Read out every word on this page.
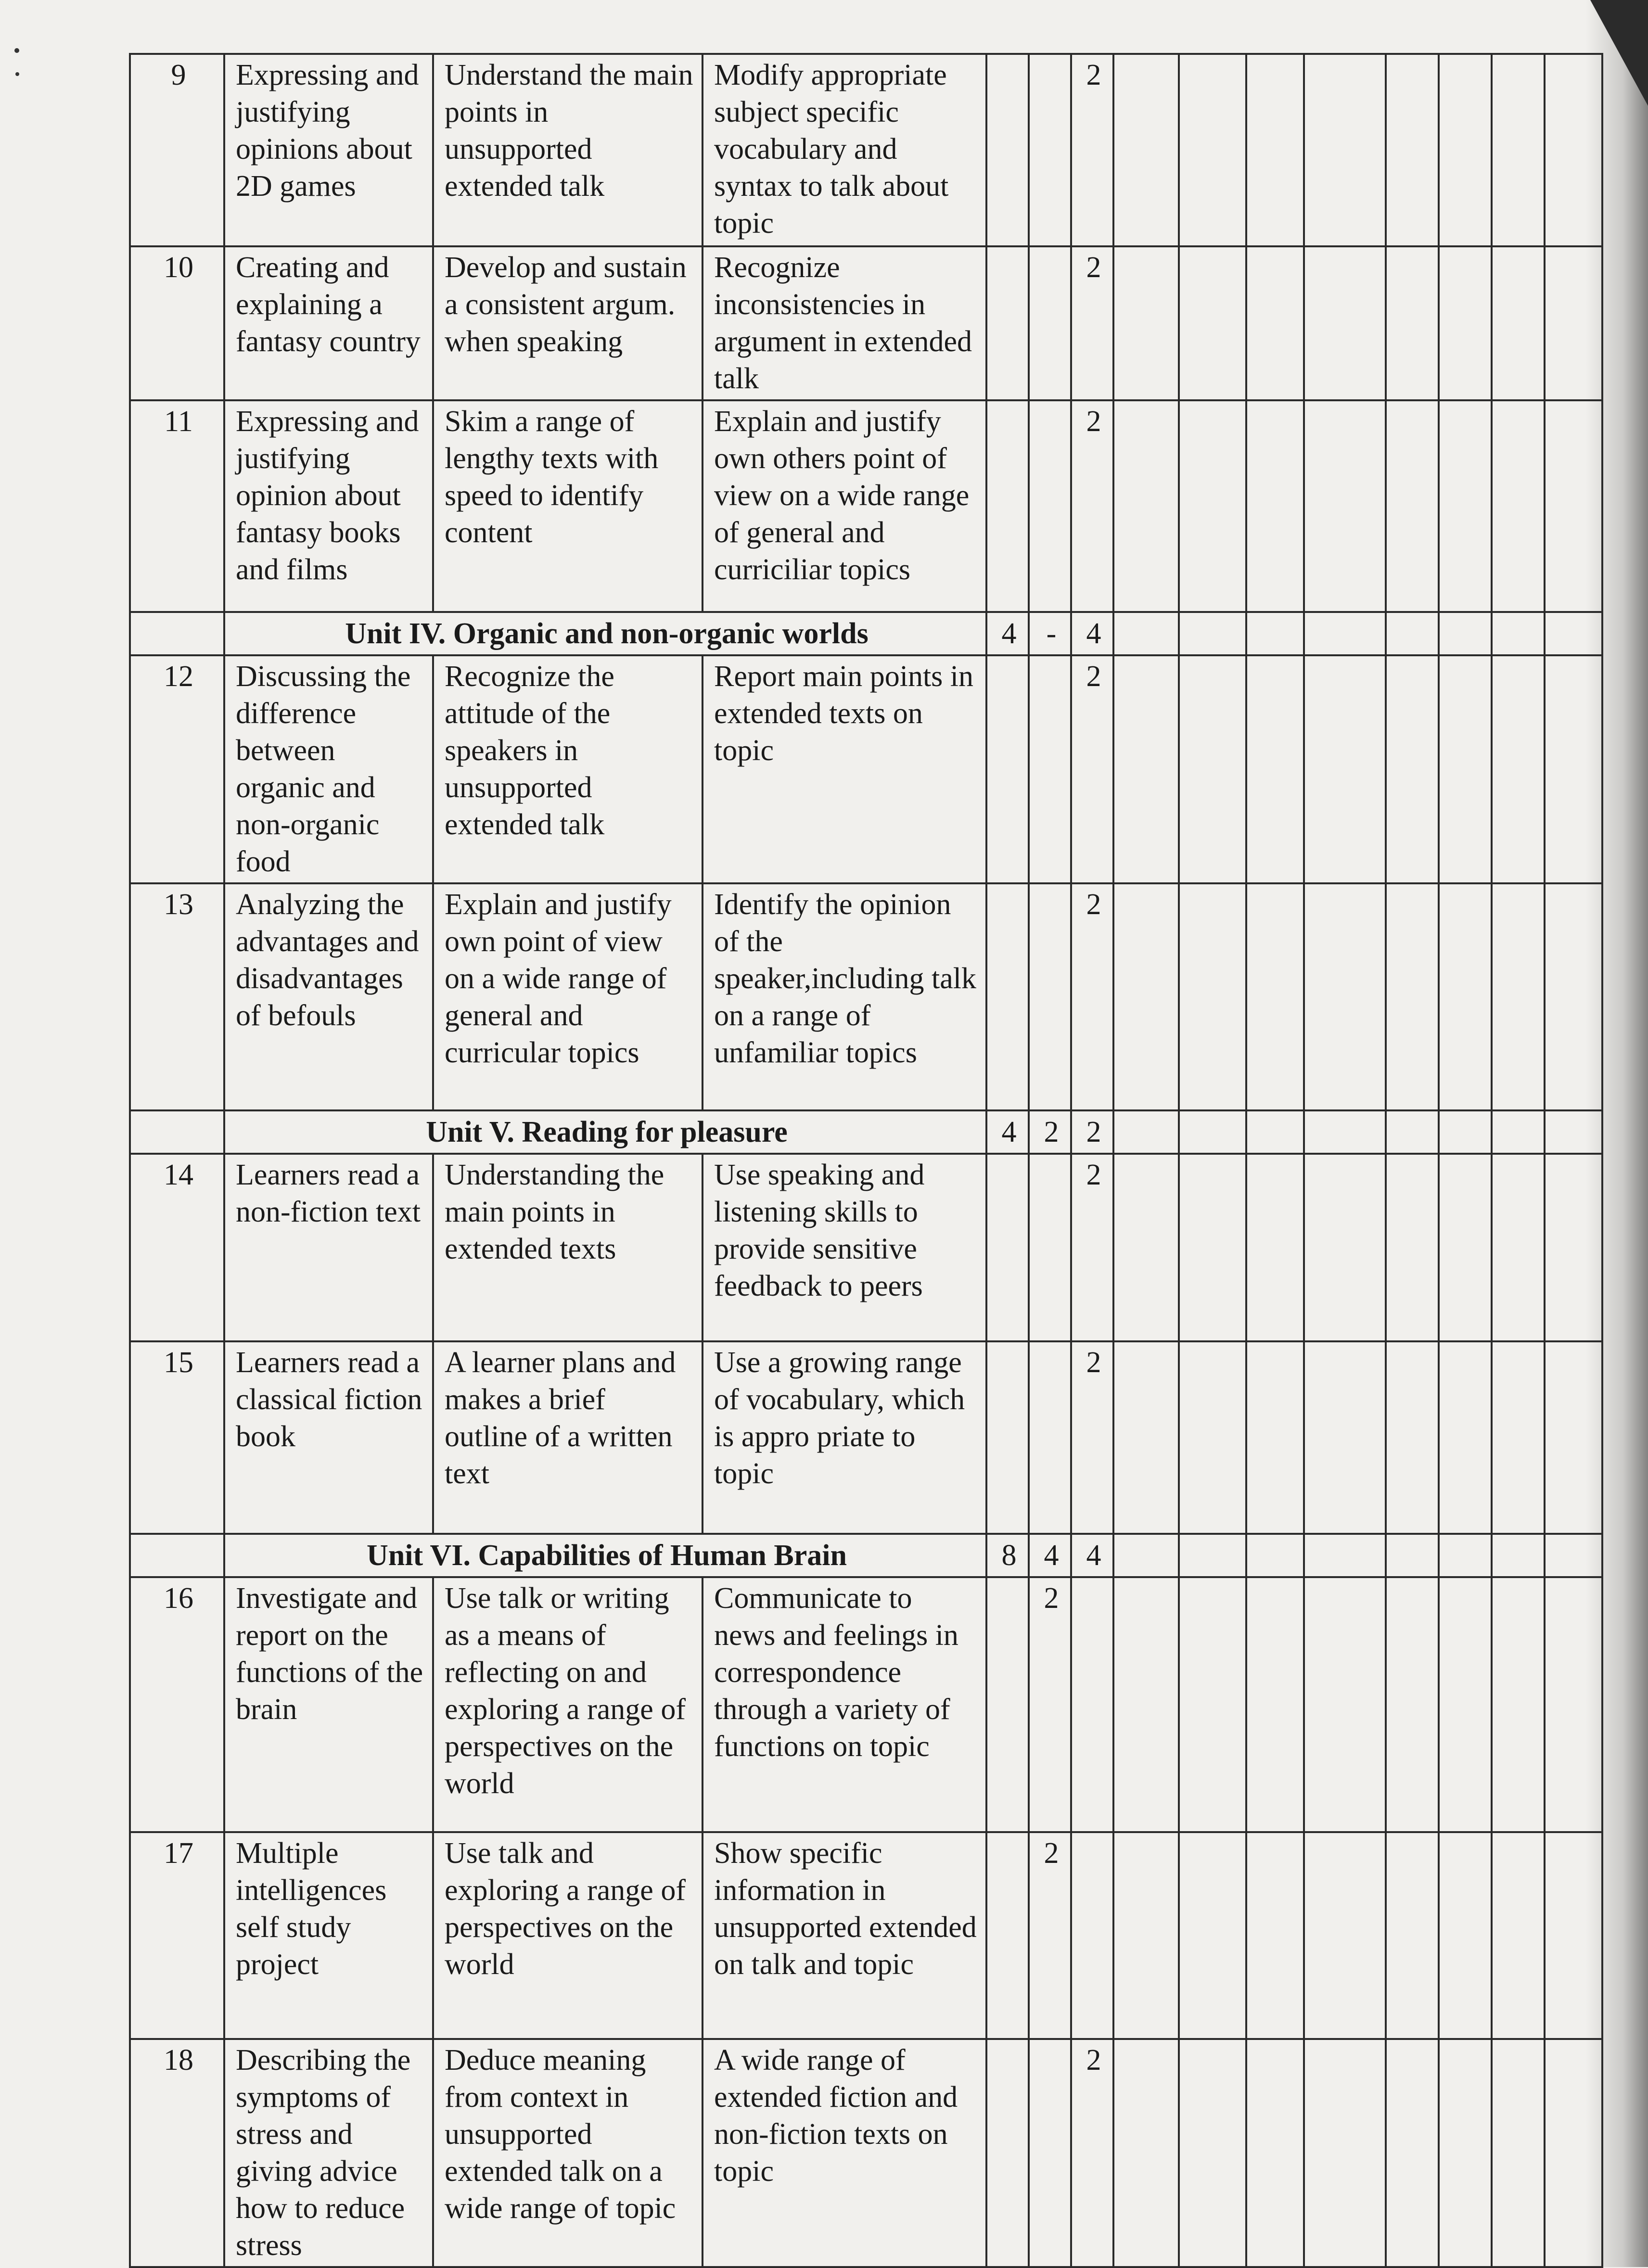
9	Expressing and justifying opinions about 2D games	Understand the main points in unsupported extended talk	Modify appropriate subject specific vocabulary and syntax to talk about topic			2								
10	Creating and explaining a fantasy country	Develop and sustain a consistent argum. when speaking	Recognize inconsistencies in argument in extended talk			2								
11	Expressing and justifying opinion about fantasy books and films	Skim a range of lengthy texts with speed to identify content	Explain and justify own others point of view on a wide range of general and curriciliar topics			2								
	Unit IV. Organic and non-organic worlds			4	-	4								
12	Discussing the difference between organic and non-organic food	Recognize the attitude of the speakers in unsupported extended talk	Report main points in extended texts on topic			2								
13	Analyzing the advantages and disadvantages of befouls	Explain and justify own point of view on a wide range of general and curricular topics	Identify the opinion of the speaker,including talk on a range of unfamiliar topics			2								
	Unit V. Reading for pleasure			4	2	2								
14	Learners read a non-fiction text	Understanding the main points in extended texts	Use speaking and listening skills to provide sensitive feedback to peers			2								
15	Learners read a classical fiction book	A learner plans and makes a brief outline of a written text	Use a growing range of vocabulary, which is appro priate to topic			2								
	Unit VI. Capabilities of Human Brain			8	4	4								
16	Investigate and report on the functions of the brain	Use talk or writing as a means of reflecting on and exploring a range of perspectives on the world	Communicate to news and feelings in correspondence through a variety of functions on topic		2									
17	Multiple intelligences self study project	Use talk and exploring a range of perspectives on the world	Show specific information in unsupported extended on talk and topic		2									
18	Describing the symptoms of stress and giving advice how to reduce stress	Deduce meaning from context in unsupported extended talk on a wide range of topic	A wide range of extended fiction and non-fiction texts on topic			2								
